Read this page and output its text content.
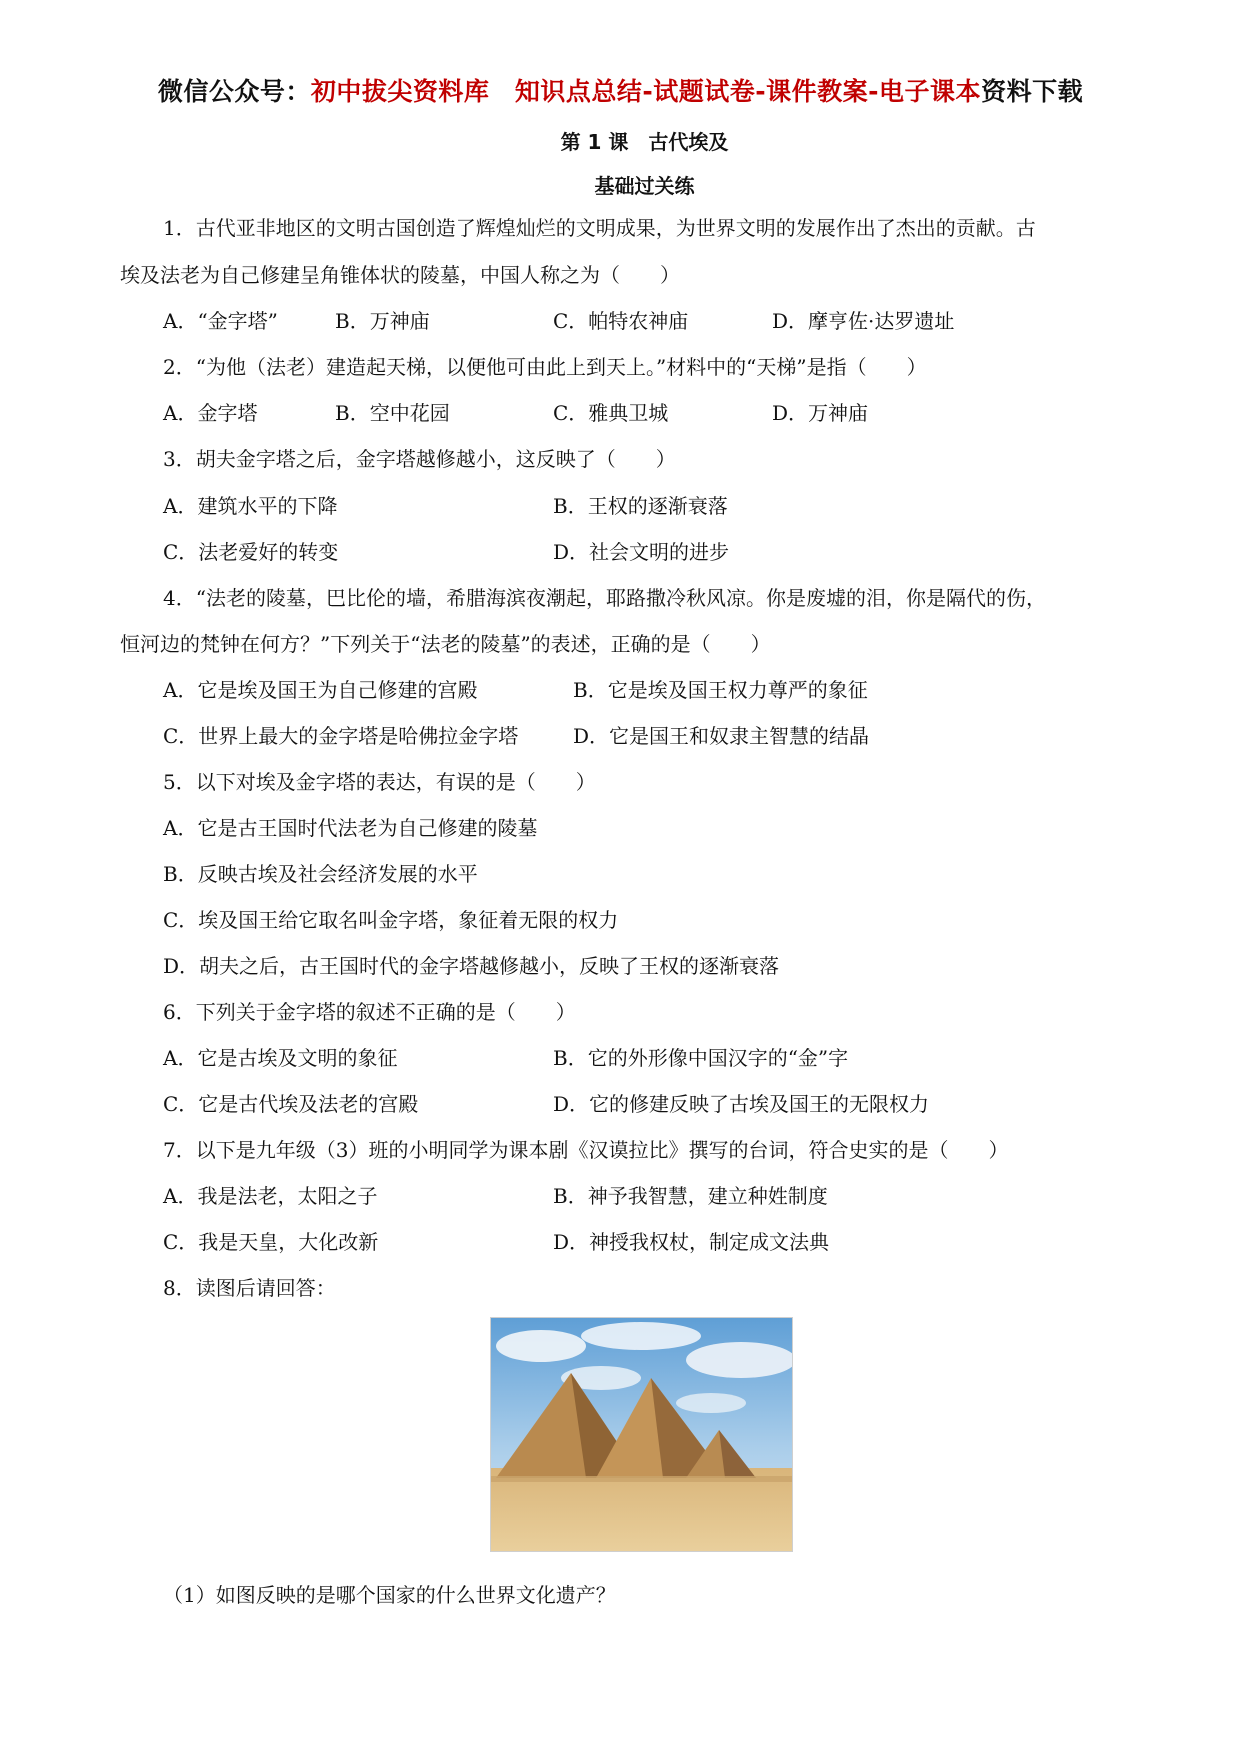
微信公众号：初中拔尖资料库　知识点总结-试题试卷-课件教案-电子课本资料下载
第 1 课　古代埃及
基础过关练
1．古代亚非地区的文明古国创造了辉煌灿烂的文明成果，为世界文明的发展作出了杰出的贡献。古
埃及法老为自己修建呈角锥体状的陵墓，中国人称之为（　　）
A．“金字塔”	B．万神庙	C．帕特农神庙	D．摩亨佐·达罗遗址
2．“为他（法老）建造起天梯，以便他可由此上到天上。”材料中的“天梯”是指（　　）
A．金字塔	B．空中花园	C．雅典卫城	D．万神庙
3．胡夫金字塔之后，金字塔越修越小，这反映了（　　）
A．建筑水平的下降	B．王权的逐渐衰落
C．法老爱好的转变	D．社会文明的进步
4．“法老的陵墓，巴比伦的墙，希腊海滨夜潮起，耶路撒冷秋风凉。你是废墟的泪，你是隔代的伤，
恒河边的梵钟在何方？”下列关于“法老的陵墓”的表述，正确的是（　　）
A．它是埃及国王为自己修建的宫殿	B．它是埃及国王权力尊严的象征
C．世界上最大的金字塔是哈佛拉金字塔	D．它是国王和奴隶主智慧的结晶
5．以下对埃及金字塔的表达，有误的是（　　）
A．它是古王国时代法老为自己修建的陵墓
B．反映古埃及社会经济发展的水平
C．埃及国王给它取名叫金字塔，象征着无限的权力
D．胡夫之后，古王国时代的金字塔越修越小，反映了王权的逐渐衰落
6．下列关于金字塔的叙述不正确的是（　　）
A．它是古埃及文明的象征	B．它的外形像中国汉字的“金”字
C．它是古代埃及法老的宫殿	D．它的修建反映了古埃及国王的无限权力
7．以下是九年级（3）班的小明同学为课本剧《汉谟拉比》撰写的台词，符合史实的是（　　）
A．我是法老，太阳之子	B．神予我智慧，建立种姓制度
C．我是天皇，大化改新	D．神授我权杖，制定成文法典
8．读图后请回答：
（1）如图反映的是哪个国家的什么世界文化遗产？
